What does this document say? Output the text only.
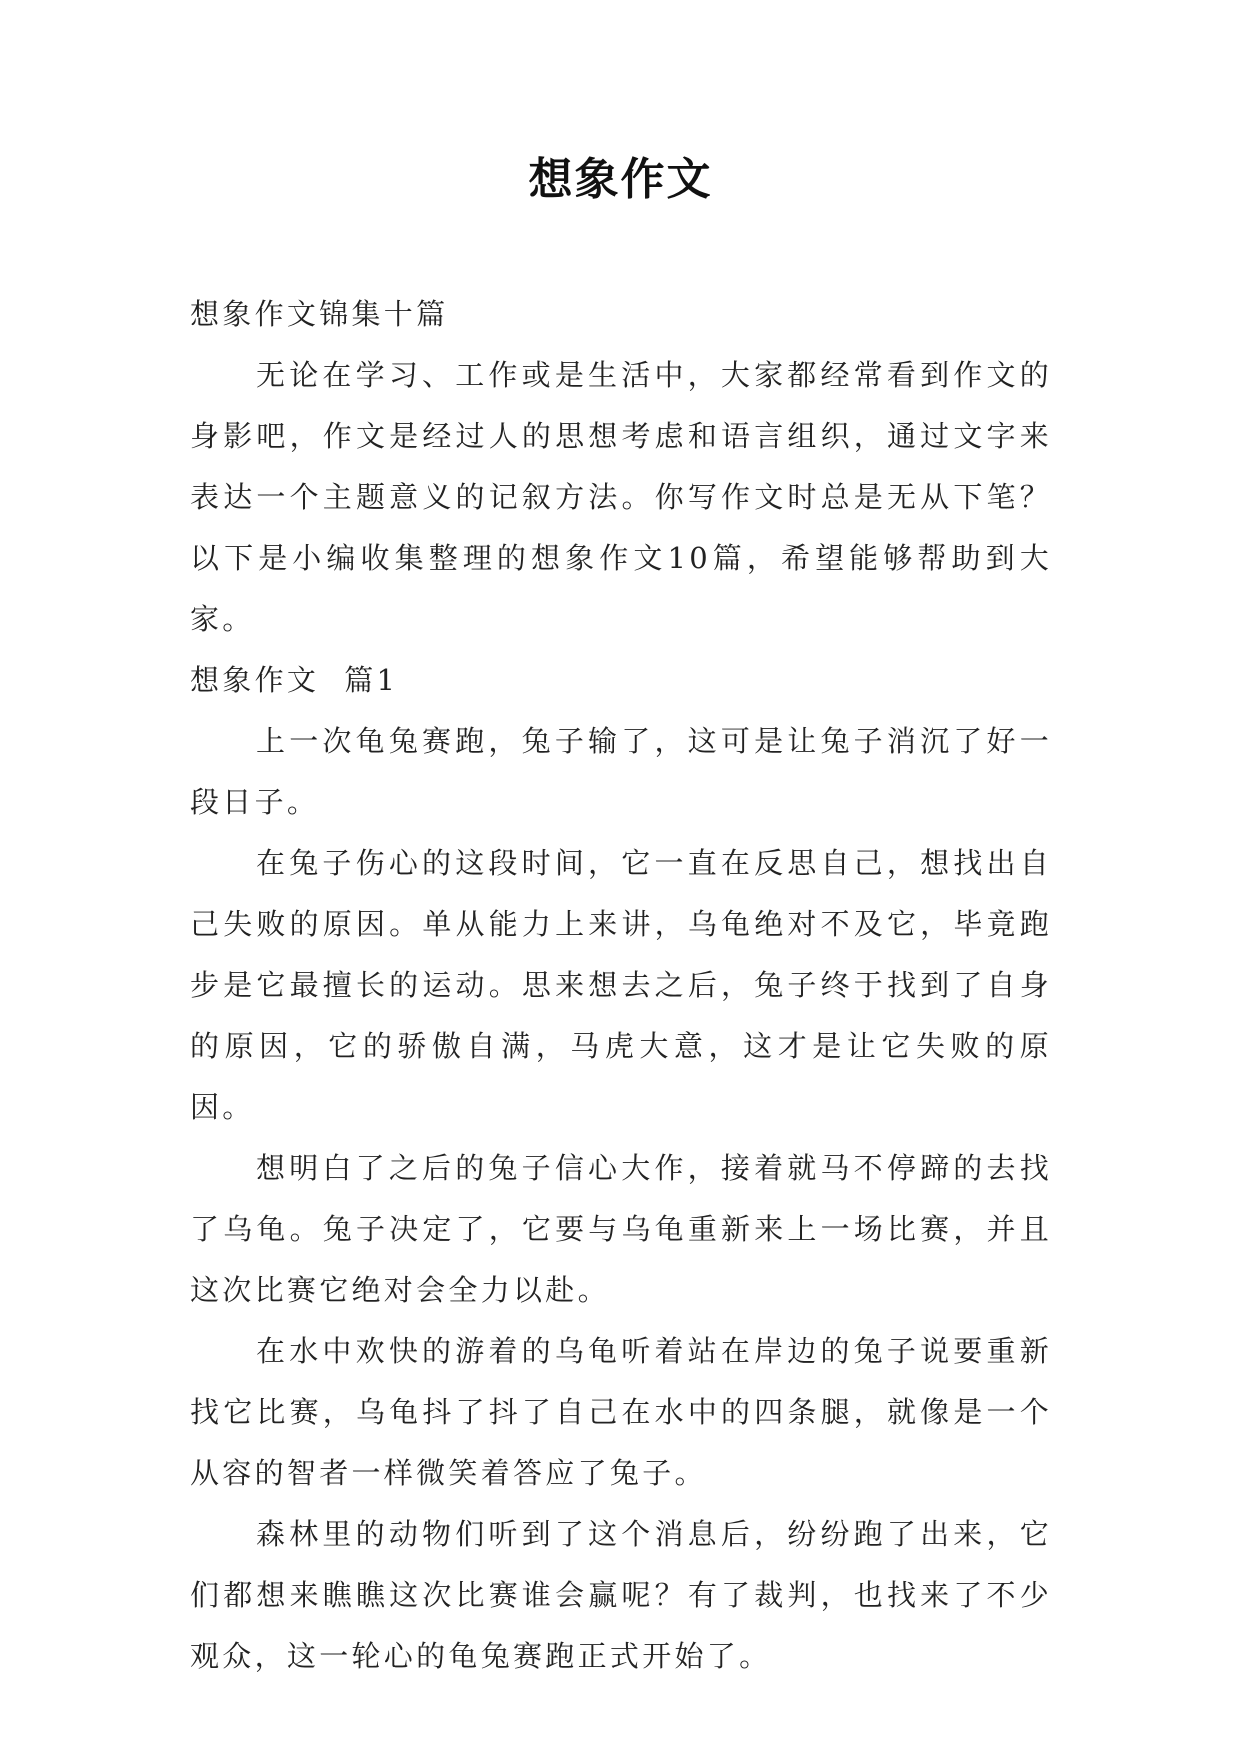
想象作文

想象作文锦集十篇

无论在学习、工作或是生活中，大家都经常看到作文的身影吧，作文是经过人的思想考虑和语言组织，通过文字来表达一个主题意义的记叙方法。你写作文时总是无从下笔？以下是小编收集整理的想象作文10篇，希望能够帮助到大家。

想象作文  篇1

上一次龟兔赛跑，兔子输了，这可是让兔子消沉了好一段日子。

在兔子伤心的这段时间，它一直在反思自己，想找出自己失败的原因。单从能力上来讲，乌龟绝对不及它，毕竟跑步是它最擅长的运动。思来想去之后，兔子终于找到了自身的原因，它的骄傲自满，马虎大意，这才是让它失败的原因。

想明白了之后的兔子信心大作，接着就马不停蹄的去找了乌龟。兔子决定了，它要与乌龟重新来上一场比赛，并且这次比赛它绝对会全力以赴。

在水中欢快的游着的乌龟听着站在岸边的兔子说要重新找它比赛，乌龟抖了抖了自己在水中的四条腿，就像是一个从容的智者一样微笑着答应了兔子。

森林里的动物们听到了这个消息后，纷纷跑了出来，它们都想来瞧瞧这次比赛谁会赢呢？有了裁判，也找来了不少观众，这一轮心的龟兔赛跑正式开始了。
